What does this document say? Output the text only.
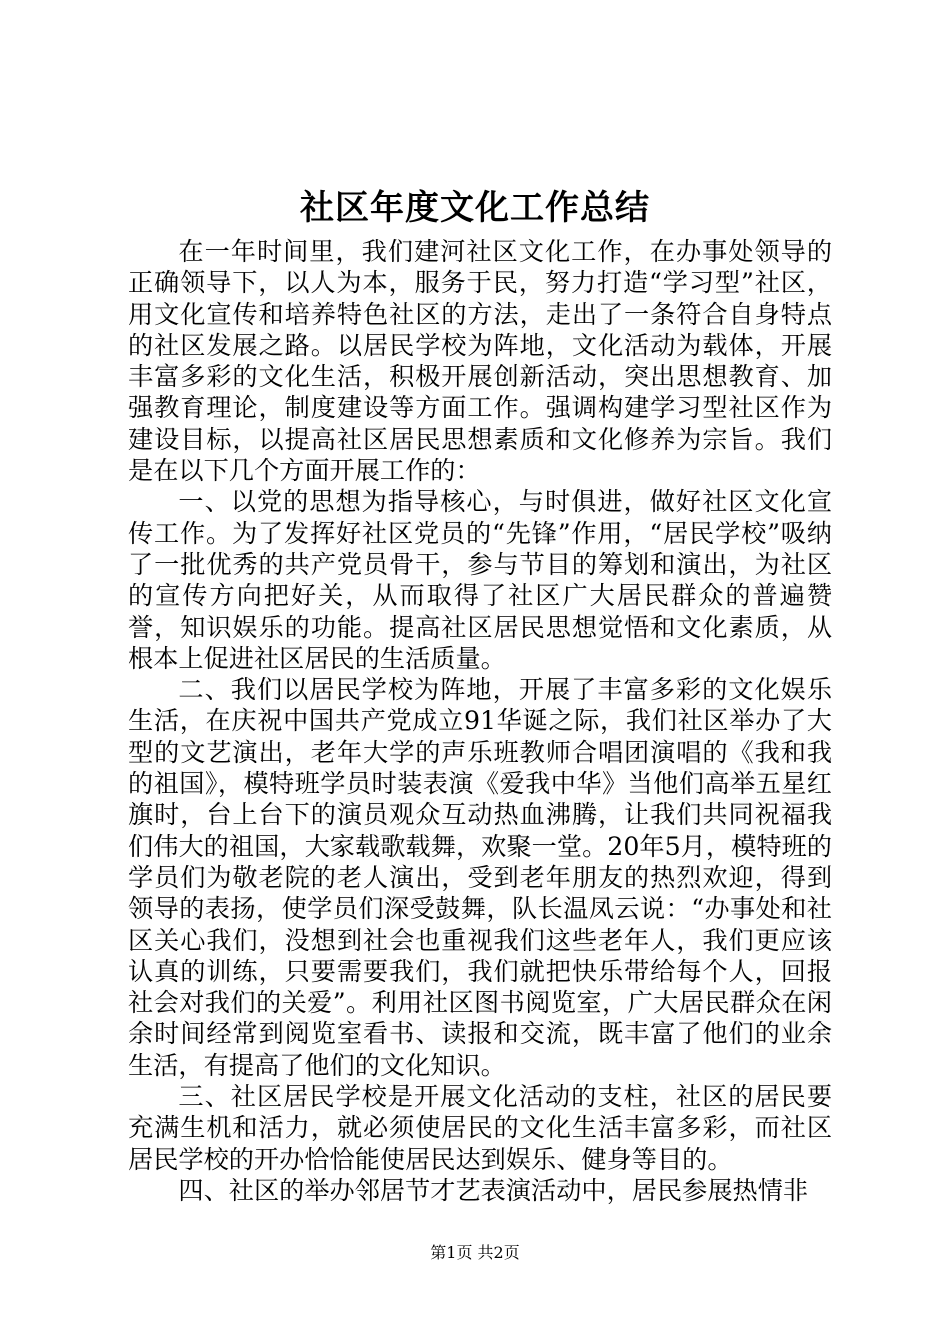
社区年度文化工作总结

在一年时间里，我们建河社区文化工作，在办事处领导的正确领导下，以人为本，服务于民，努力打造“学习型”社区，用文化宣传和培养特色社区的方法，走出了一条符合自身特点的社区发展之路。以居民学校为阵地，文化活动为载体，开展丰富多彩的文化生活，积极开展创新活动，突出思想教育、加强教育理论，制度建设等方面工作。强调构建学习型社区作为建设目标，以提高社区居民思想素质和文化修养为宗旨。我们是在以下几个方面开展工作的：

一、以党的思想为指导核心，与时俱进，做好社区文化宣传工作。为了发挥好社区党员的“先锋”作用，“居民学校”吸纳了一批优秀的共产党员骨干，参与节目的筹划和演出，为社区的宣传方向把好关，从而取得了社区广大居民群众的普遍赞誉，知识娱乐的功能。提高社区居民思想觉悟和文化素质，从根本上促进社区居民的生活质量。

二、我们以居民学校为阵地，开展了丰富多彩的文化娱乐生活，在庆祝中国共产党成立91华诞之际，我们社区举办了大型的文艺演出，老年大学的声乐班教师合唱团演唱的《我和我的祖国》，模特班学员时装表演《爱我中华》当他们高举五星红旗时，台上台下的演员观众互动热血沸腾，让我们共同祝福我们伟大的祖国，大家载歌载舞，欢聚一堂。20年5月，模特班的学员们为敬老院的老人演出，受到老年朋友的热烈欢迎，得到领导的表扬，使学员们深受鼓舞，队长温凤云说：“办事处和社区关心我们，没想到社会也重视我们这些老年人，我们更应该认真的训练，只要需要我们，我们就把快乐带给每个人，回报社会对我们的关爱”。利用社区图书阅览室，广大居民群众在闲余时间经常到阅览室看书、读报和交流，既丰富了他们的业余生活，有提高了他们的文化知识。

三、社区居民学校是开展文化活动的支柱，社区的居民要充满生机和活力，就必须使居民的文化生活丰富多彩，而社区居民学校的开办恰恰能使居民达到娱乐、健身等目的。

四、社区的举办邻居节才艺表演活动中，居民参展热情非

第1页 共2页
